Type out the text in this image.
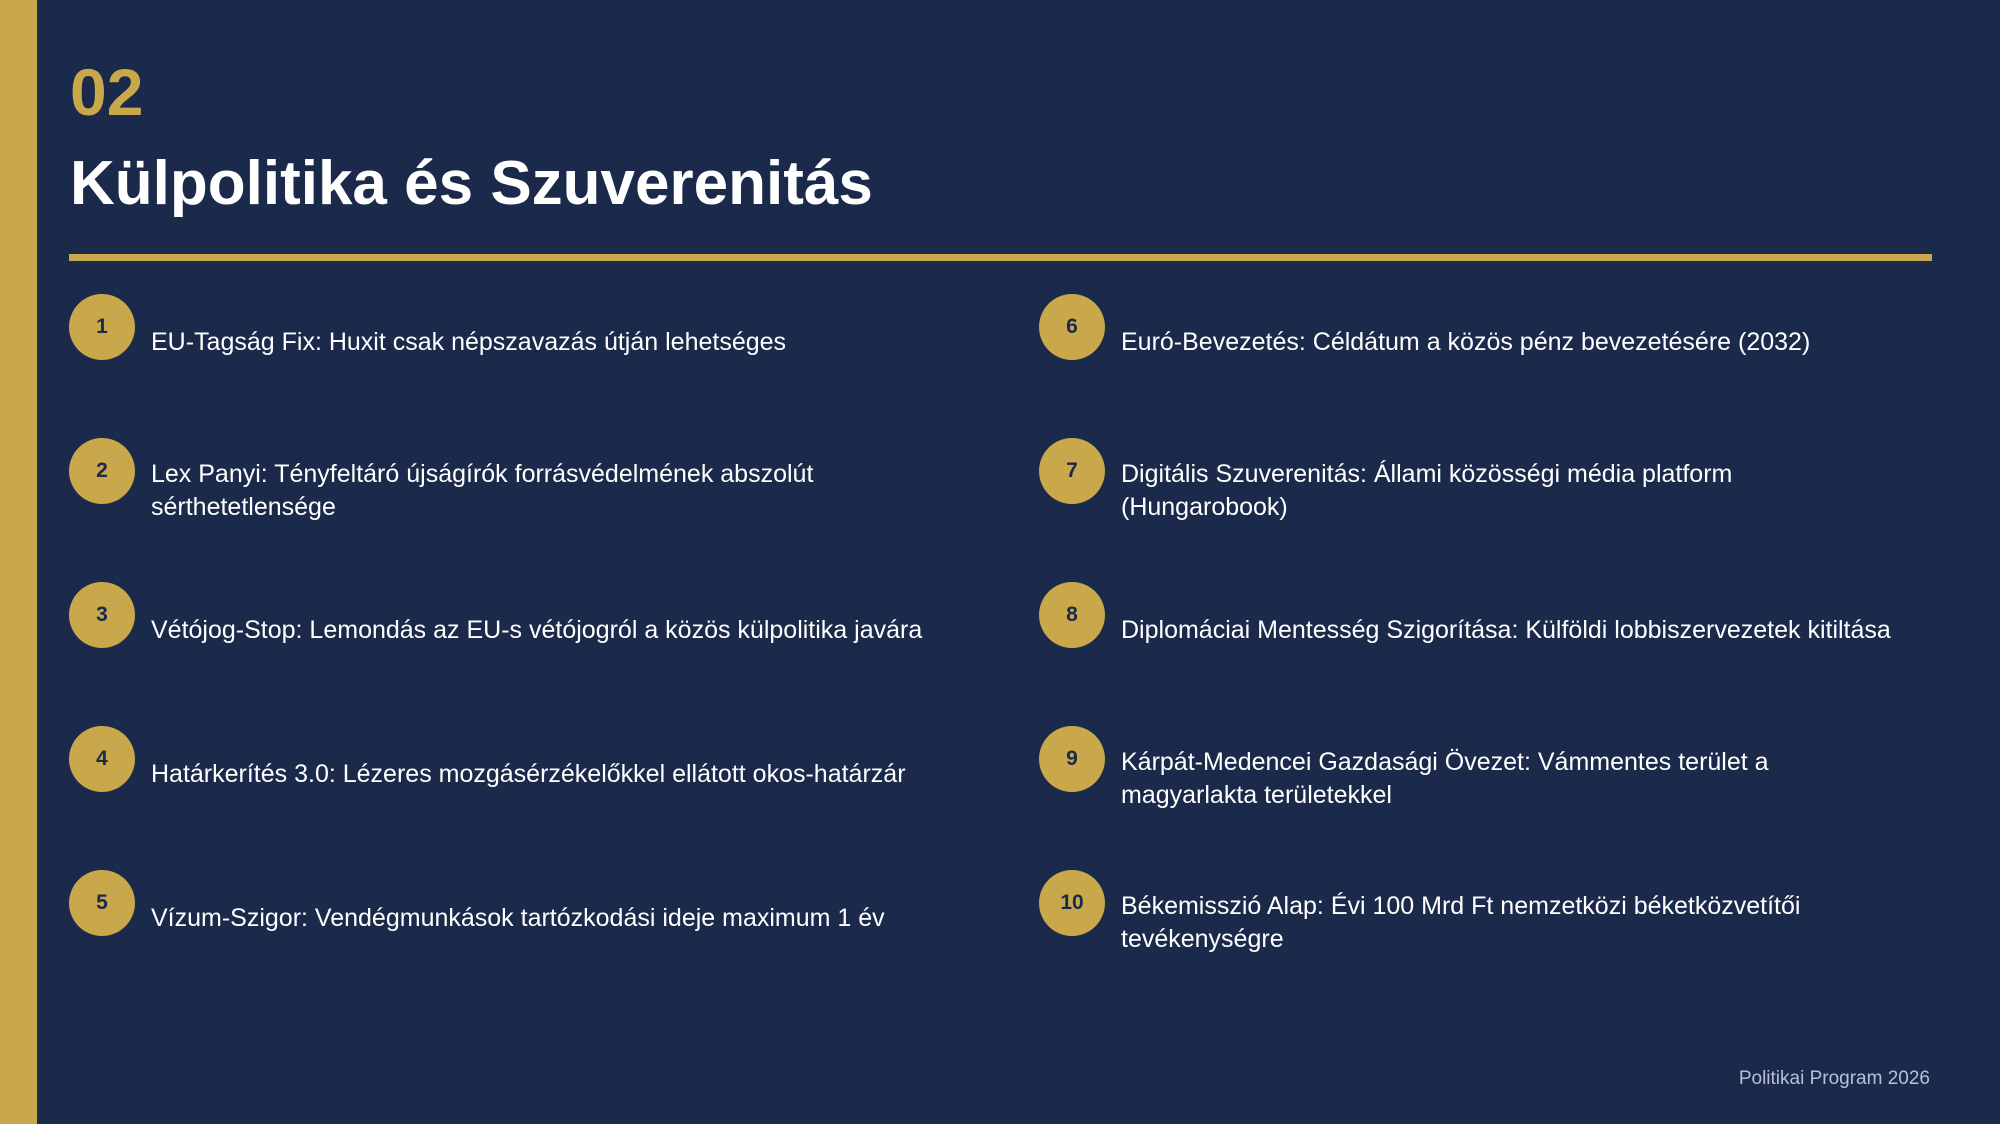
02
Külpolitika és Szuverenitás
1
EU-Tagság Fix: Huxit csak népszavazás útján lehetséges
2	Lex Panyi: Tényfeltáró újságírók forrásvédelmének abszolút sérthetetlensége
3
Vétójog-Stop: Lemondás az EU-s vétójogról a közös külpolitika javára
4
Határkerítés 3.0: Lézeres mozgásérzékelőkkel ellátott okos-határzár
5
Vízum-Szigor: Vendégmunkások tartózkodási ideje maximum 1 év
6
Euró-Bevezetés: Céldátum a közös pénz bevezetésére (2032)
7	Digitális Szuverenitás: Állami közösségi média platform (Hungarobook)
8
Diplomáciai Mentesség Szigorítása: Külföldi lobbiszervezetek kitiltása
9	Kárpát-Medencei Gazdasági Övezet: Vámmentes terület a magyarlakta területekkel
10	Békemisszió Alap: Évi 100 Mrd Ft nemzetközi béketközvetítői tevékenységre
Politikai Program 2026
